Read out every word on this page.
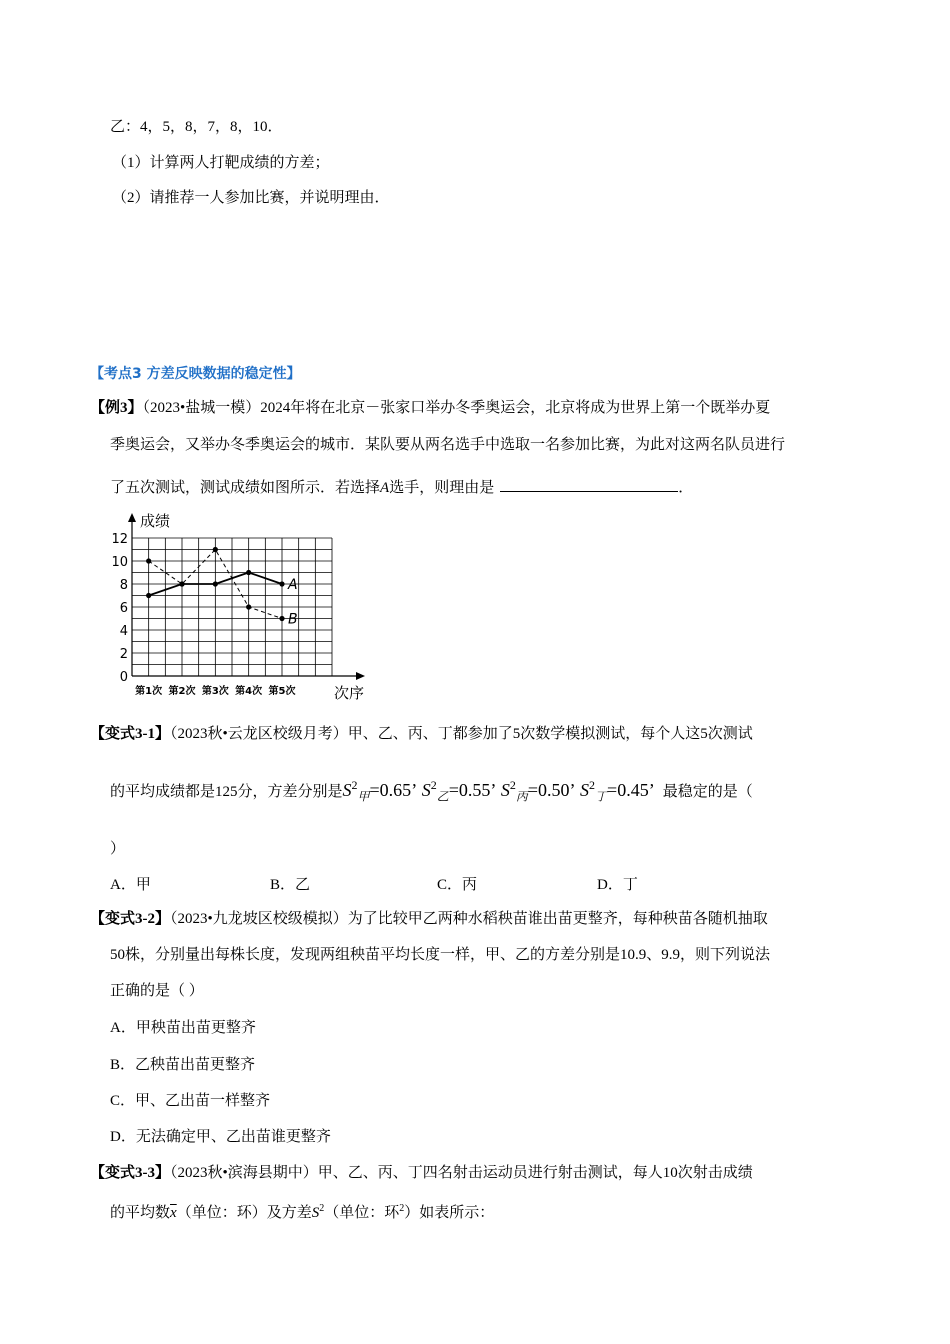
乙：4，5，8，7，8，10．
（1）计算两人打靶成绩的方差；
（2）请推荐一人参加比赛，并说明理由．
【考点3 方差反映数据的稳定性】
【例3】（2023•盐城一模）2024年将在北京－张家口举办冬季奥运会，北京将成为世界上第一个既举办夏
季奥运会，又举办冬季奥运会的城市．某队要从两名选手中选取一名参加比赛，为此对这两名队员进行
了五次测试，测试成绩如图所示．若选择A选手，则理由是	．
0
2
4
6
8
10
12
第1次 第2次 第3次 第4次 第5次
A
B
成绩
次序
【变式3-1】（2023秋•云龙区校级月考）甲、乙、丙、丁都参加了5次数学模拟测试，每个人这5次测试
的平均成绩都是125分，方差分别是$S^2_甲=0.65$’ $S^2_乙=0.55$’ $S^2_丙=0.50$’ $S^2_丁=0.45$’ 最稳定的是（
）
A．甲	B．乙	C．丙	D．丁
【变式3-2】（2023•九龙坡区校级模拟）为了比较甲乙两种水稻秧苗谁出苗更整齐，每种秧苗各随机抽取
50株，分别量出每株长度，发现两组秧苗平均长度一样，甲、乙的方差分别是10.9、9.9，则下列说法
正确的是（ ）
A．甲秧苗出苗更整齐
B．乙秧苗出苗更整齐
C．甲、乙出苗一样整齐
D．无法确定甲、乙出苗谁更整齐
【变式3-3】（2023秋•滨海县期中）甲、乙、丙、丁四名射击运动员进行射击测试，每人10次射击成绩
的平均数$\overline{x}$（单位：环）及方差$S^2$（单位：环$^2$）如表所示：
